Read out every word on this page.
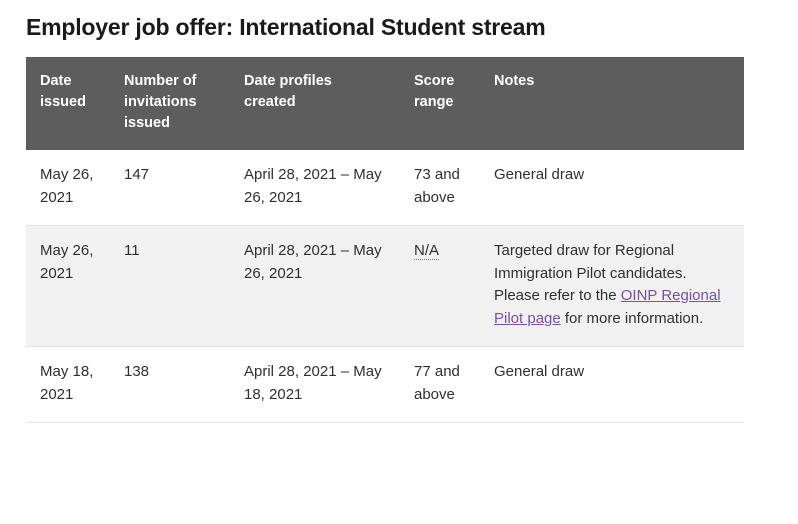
Employer job offer: International Student stream
Date issued	Number of invitations issued	Date profiles created	Score range	Notes
May 26, 2021	147	April 28, 2021 – May 26, 2021	73 and above	General draw
May 26, 2021	11	April 28, 2021 – May 26, 2021	N/A	Targeted draw for Regional Immigration Pilot candidates. Please refer to the OINP Regional Pilot page for more information.
May 18, 2021	138	April 28, 2021 – May 18, 2021	77 and above	General draw
